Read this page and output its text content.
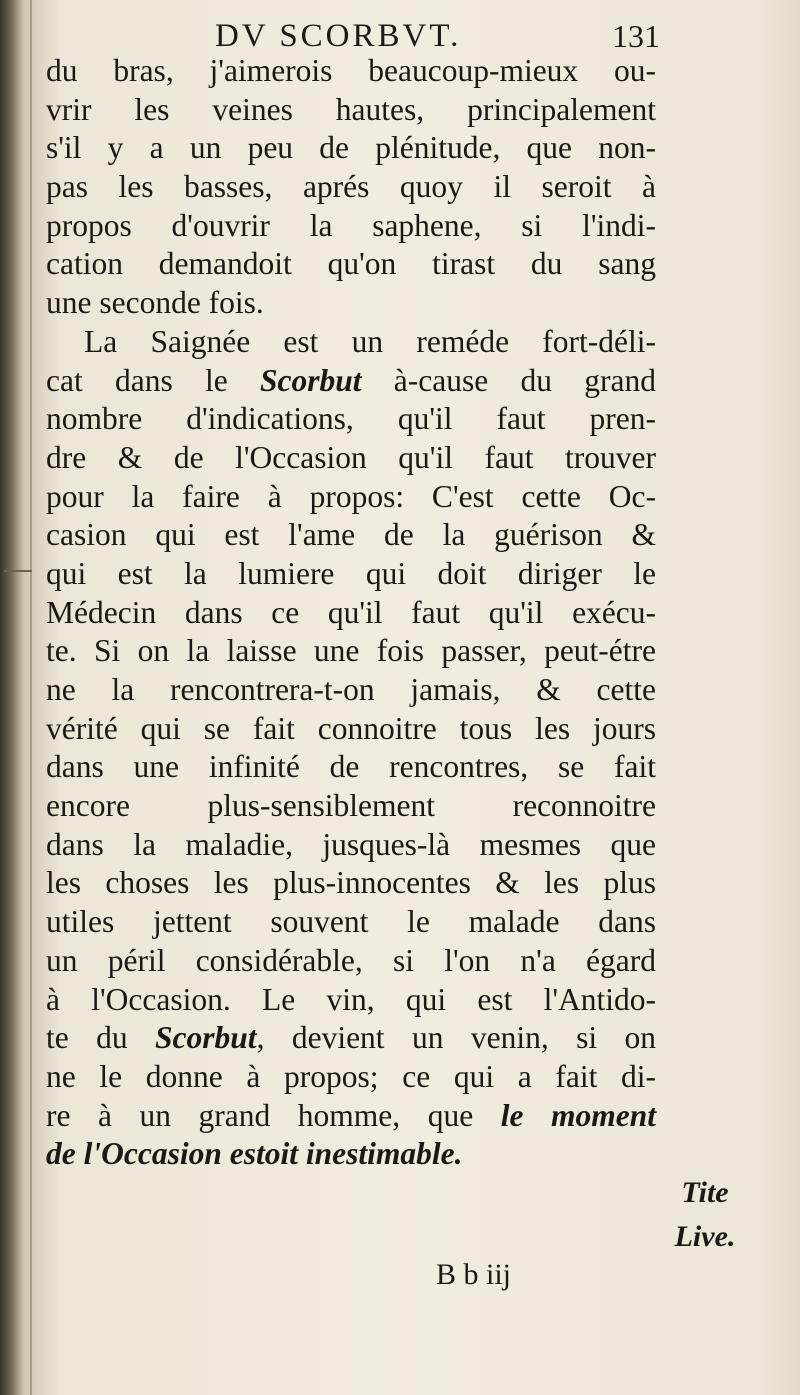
DV SCORBVT.	131
du bras, j'aimerois beaucoup-mieux ou-
vrir les veines hautes, principalement
s'il y a un peu de plénitude, que non-
pas les basses, aprés quoy il seroit à
propos d'ouvrir la saphene, si l'indi-
cation demandoit qu'on tirast du sang
une seconde fois.
La Saignée est un reméde fort-déli-
cat dans le Scorbut à-cause du grand
nombre d'indications, qu'il faut pren-
dre & de l'Occasion qu'il faut trouver
pour la faire à propos: C'est cette Oc-
casion qui est l'ame de la guérison &
qui est la lumiere qui doit diriger le
Médecin dans ce qu'il faut qu'il exécu-
te. Si on la laisse une fois passer, peut-étre
ne la rencontrera-t-on jamais, & cette
vérité qui se fait connoitre tous les jours
dans une infinité de rencontres, se fait
encore plus-sensiblement reconnoitre
dans la maladie, jusques-là mesmes que
les choses les plus-innocentes & les plus
utiles jettent souvent le malade dans
un péril considérable, si l'on n'a égard
à l'Occasion. Le vin, qui est l'Antido-
te du Scorbut, devient un venin, si on
ne le donne à propos; ce qui a fait di-
re à un grand homme, que le moment
de l'Occasion estoit inestimable.
Tite
Live.
B b iij
